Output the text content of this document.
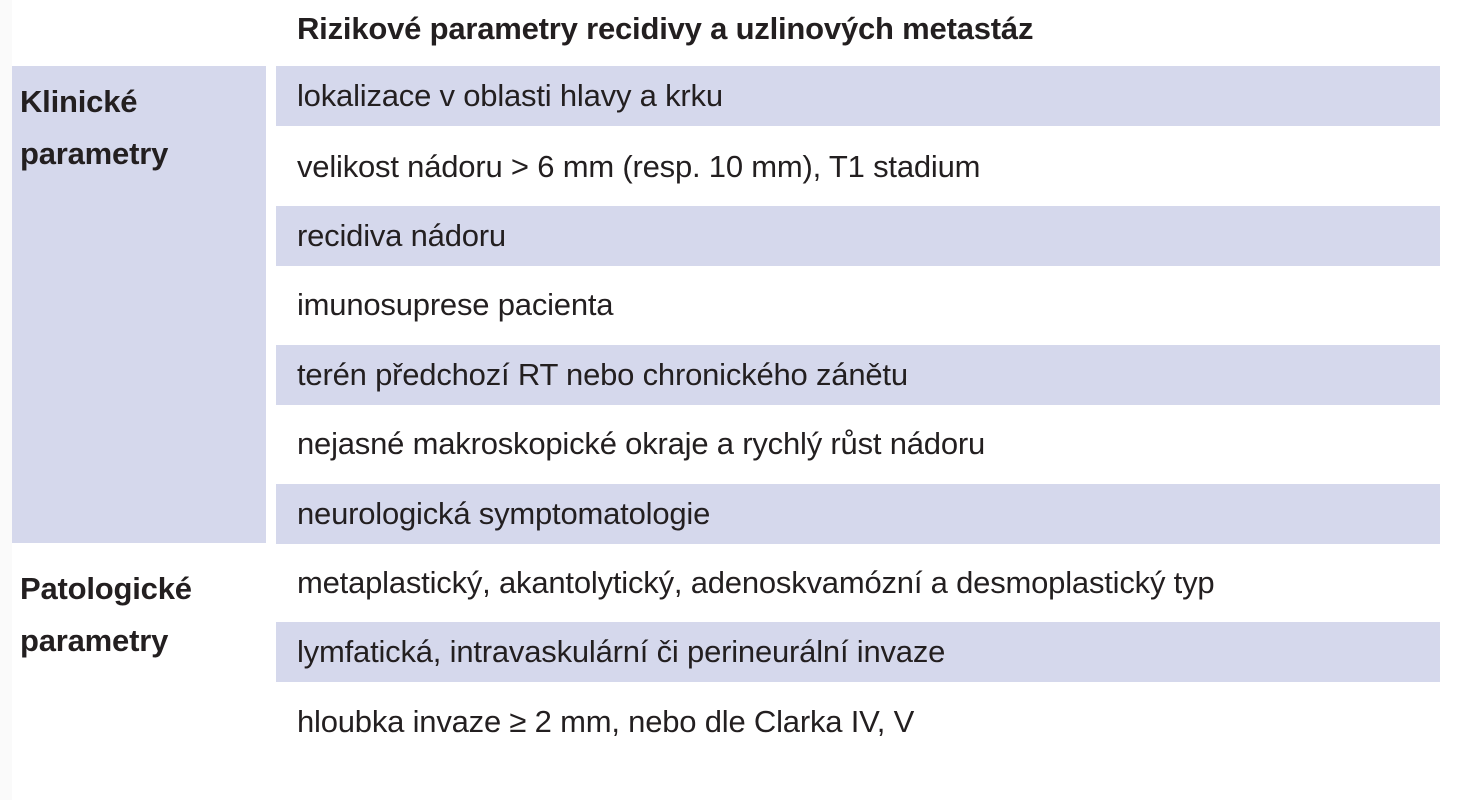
Rizikové parametry recidivy a uzlinových metastáz
Klinické
parametry
lokalizace v oblasti hlavy a krku
velikost nádoru > 6 mm (resp. 10 mm), T1 stadium
recidiva nádoru
imunosuprese pacienta
terén předchozí RT nebo chronického zánětu
nejasné makroskopické okraje a rychlý růst nádoru
neurologická symptomatologie
Patologické
parametry
metaplastický, akantolytický, adenoskvamózní a desmoplastický typ
lymfatická, intravaskulární či perineurální invaze
hloubka invaze ≥ 2 mm, nebo dle Clarka IV, V
